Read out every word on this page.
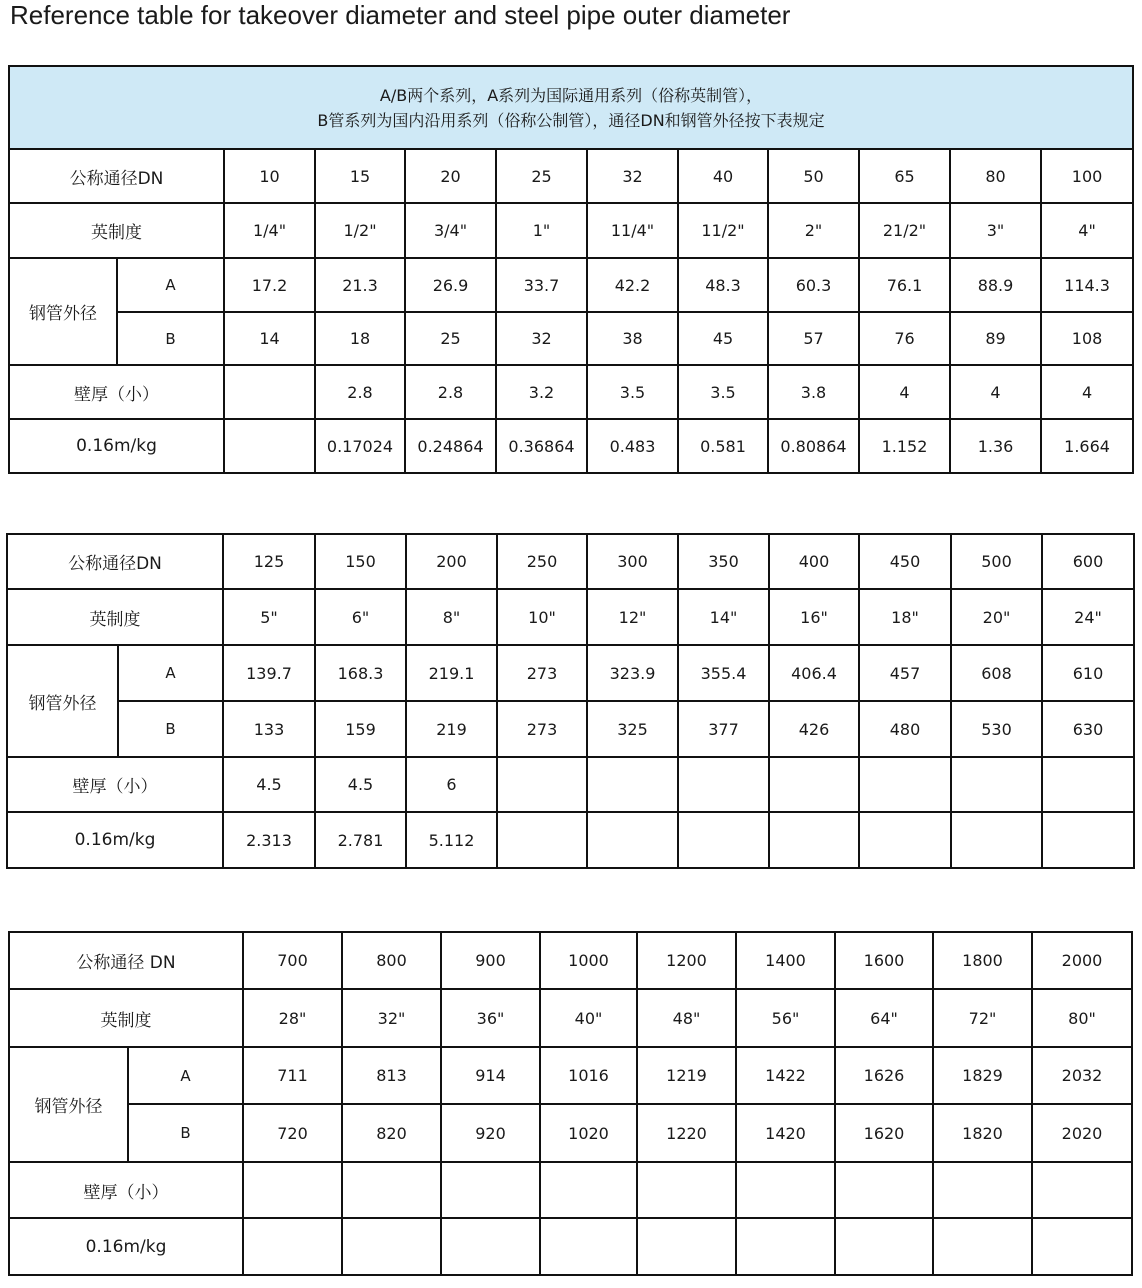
Reference table for takeover diameter and steel pipe outer diameter
A/B两个系列，A系列为国际通用系列（俗称英制管），
B管系列为国内沿用系列（俗称公制管），通径DN和钢管外径按下表规定											

公称通径DN		10	15	20	25	32	40	50	65	80	100
英制度		1/4"	1/2"	3/4"	1"	11/4"	11/2"	2"	21/2"	3"	4"
钢管外径	A	17.2	21.3	26.9	33.7	42.2	48.3	60.3	76.1	88.9	114.3
	B	14	18	25	32	38	45	57	76	89	108
壁厚（小）			2.8	2.8	3.2	3.5	3.5	3.8	4	4	4
0.16m/kg			0.17024	0.24864	0.36864	0.483	0.581	0.80864	1.152	1.36	1.664
公称通径DN		125	150	200	250	300	350	400	450	500	600
英制度		5"	6"	8"	10"	12"	14"	16"	18"	20"	24"
钢管外径	A	139.7	168.3	219.1	273	323.9	355.4	406.4	457	608	610
	B	133	159	219	273	325	377	426	480	530	630
壁厚（小）		4.5	4.5	6							
0.16m/kg		2.313	2.781	5.112							
公称通径 DN		700	800	900	1000	1200	1400	1600	1800	2000
英制度		28"	32"	36"	40"	48"	56"	64"	72"	80"
钢管外径	A	711	813	914	1016	1219	1422	1626	1829	2032
	B	720	820	920	1020	1220	1420	1620	1820	2020
壁厚（小）										
0.16m/kg										
